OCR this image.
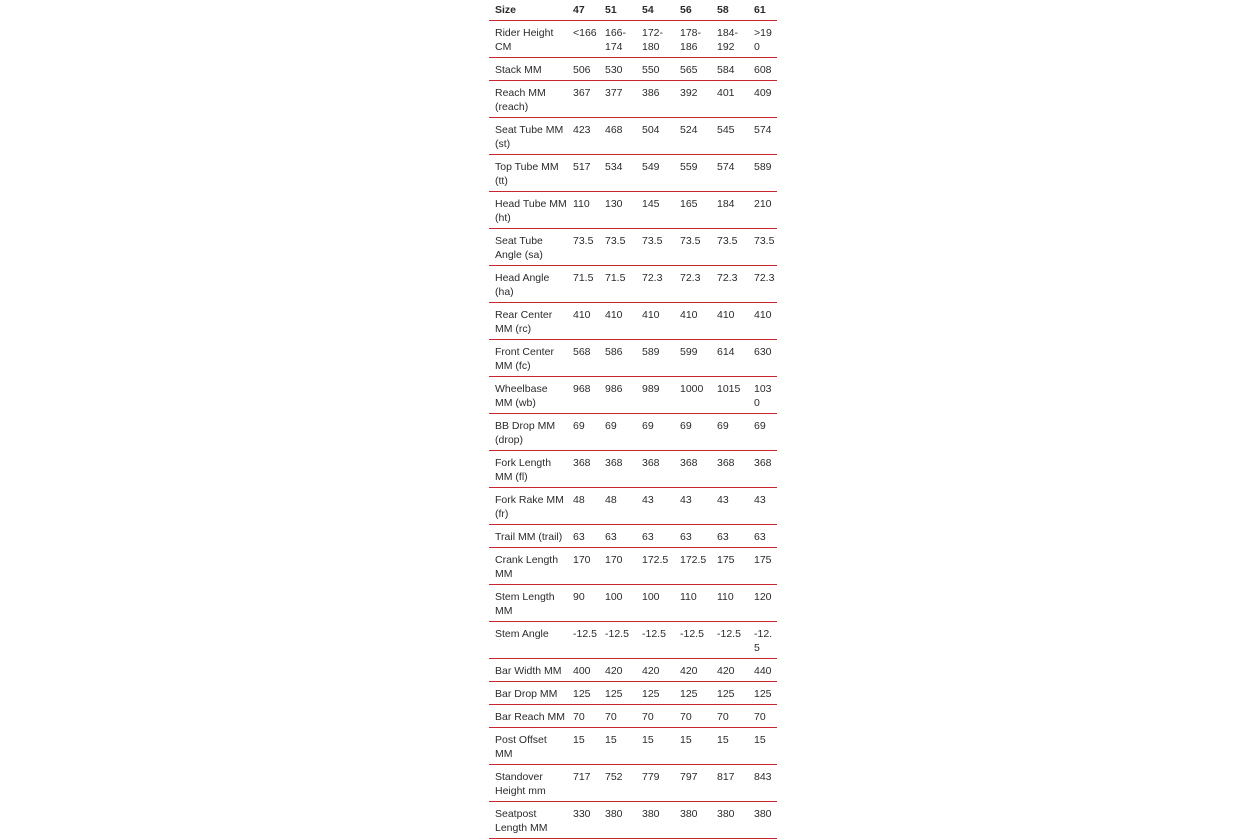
Size	47	51	54	56	58	61
Rider Height CM	<166	166-174	172-180	178-186	184-192	>190
Stack MM	506	530	550	565	584	608
Reach MM (reach)	367	377	386	392	401	409
Seat Tube MM (st)	423	468	504	524	545	574
Top Tube MM (tt)	517	534	549	559	574	589
Head Tube MM (ht)	110	130	145	165	184	210
Seat Tube Angle (sa)	73.5	73.5	73.5	73.5	73.5	73.5
Head Angle (ha)	71.5	71.5	72.3	72.3	72.3	72.3
Rear Center MM (rc)	410	410	410	410	410	410
Front Center MM (fc)	568	586	589	599	614	630
Wheelbase MM (wb)	968	986	989	1000	1015	1030
BB Drop MM (drop)	69	69	69	69	69	69
Fork Length MM (fl)	368	368	368	368	368	368
Fork Rake MM (fr)	48	48	43	43	43	43
Trail MM (trail)	63	63	63	63	63	63
Crank Length MM	170	170	172.5	172.5	175	175
Stem Length MM	90	100	100	110	110	120
Stem Angle	-12.5	-12.5	-12.5	-12.5	-12.5	-12.5
Bar Width MM	400	420	420	420	420	440
Bar Drop MM	125	125	125	125	125	125
Bar Reach MM	70	70	70	70	70	70
Post Offset MM	15	15	15	15	15	15
Standover Height mm	717	752	779	797	817	843
Seatpost Length MM	330	380	380	380	380	380
